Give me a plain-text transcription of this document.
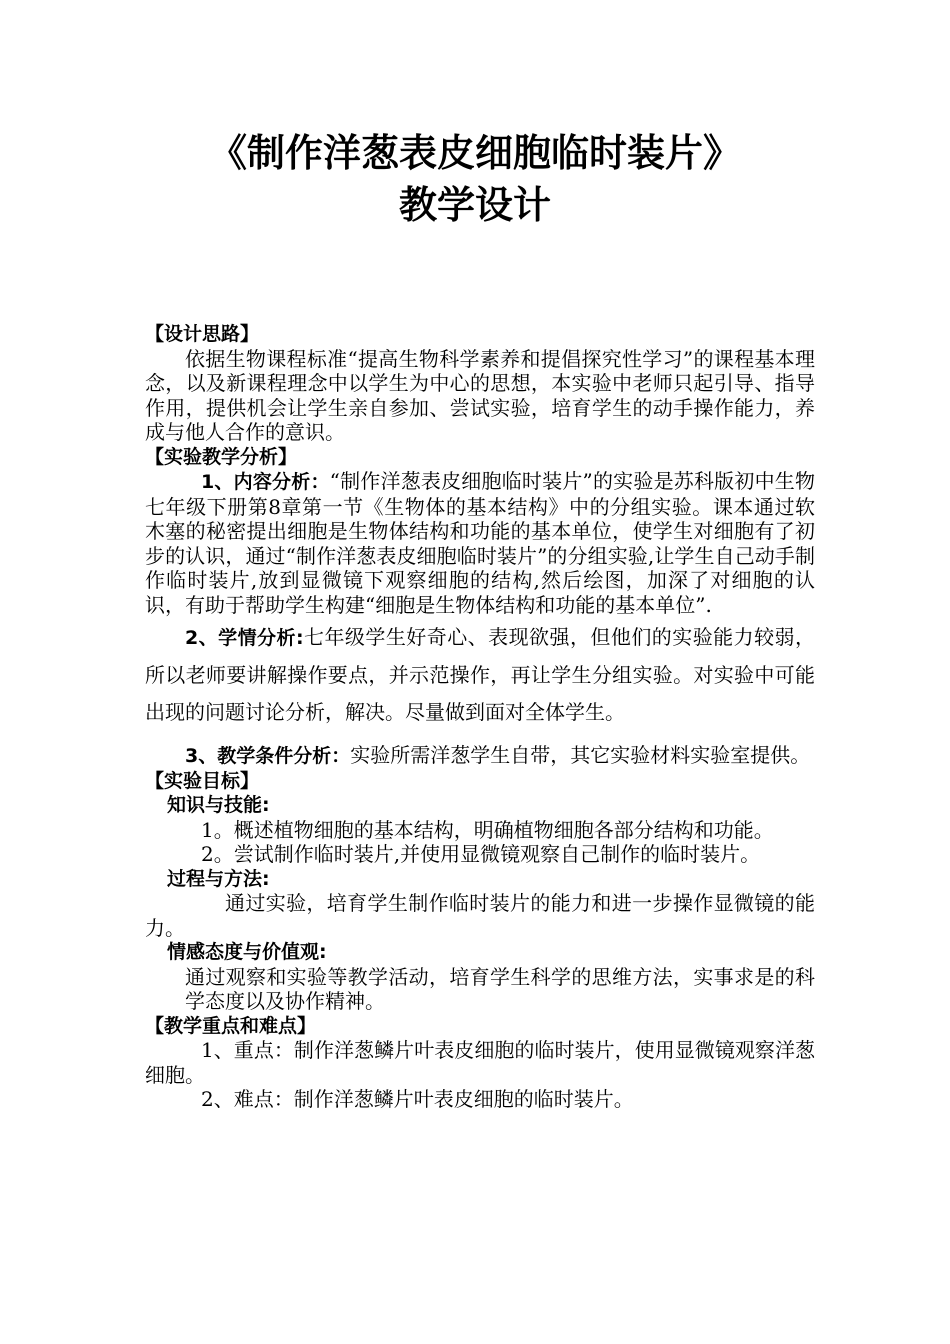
《制作洋葱表皮细胞临时装片》
教学设计

【设计思路】

依据生物课程标准“提高生物科学素养和提倡探究性学习”的课程基本理念，以及新课程理念中以学生为中心的思想，本实验中老师只起引导、指导作用，提供机会让学生亲自参加、尝试实验，培育学生的动手操作能力，养成与他人合作的意识。

【实验教学分析】

1、内容分析：“制作洋葱表皮细胞临时装片”的实验是苏科版初中生物七年级下册第8章第一节《生物体的基本结构》中的分组实验。课本通过软木塞的秘密提出细胞是生物体结构和功能的基本单位，使学生对细胞有了初步的认识，通过“制作洋葱表皮细胞临时装片”的分组实验,让学生自己动手制作临时装片,放到显微镜下观察细胞的结构,然后绘图，加深了对细胞的认识，有助于帮助学生构建“细胞是生物体结构和功能的基本单位”.

2、学情分析:七年级学生好奇心、表现欲强，但他们的实验能力较弱，所以老师要讲解操作要点，并示范操作，再让学生分组实验。对实验中可能出现的问题讨论分析，解决。尽量做到面对全体学生。

3、教学条件分析：实验所需洋葱学生自带，其它实验材料实验室提供。

【实验目标】

知识与技能:

1。概述植物细胞的基本结构，明确植物细胞各部分结构和功能。

2。尝试制作临时装片,并使用显微镜观察自己制作的临时装片。

过程与方法:

通过实验，培育学生制作临时装片的能力和进一步操作显微镜的能力。

情感态度与价值观:

通过观察和实验等教学活动，培育学生科学的思维方法，实事求是的科学态度以及协作精神。

【教学重点和难点】

1、重点：制作洋葱鳞片叶表皮细胞的临时装片，使用显微镜观察洋葱细胞。

2、难点：制作洋葱鳞片叶表皮细胞的临时装片。
